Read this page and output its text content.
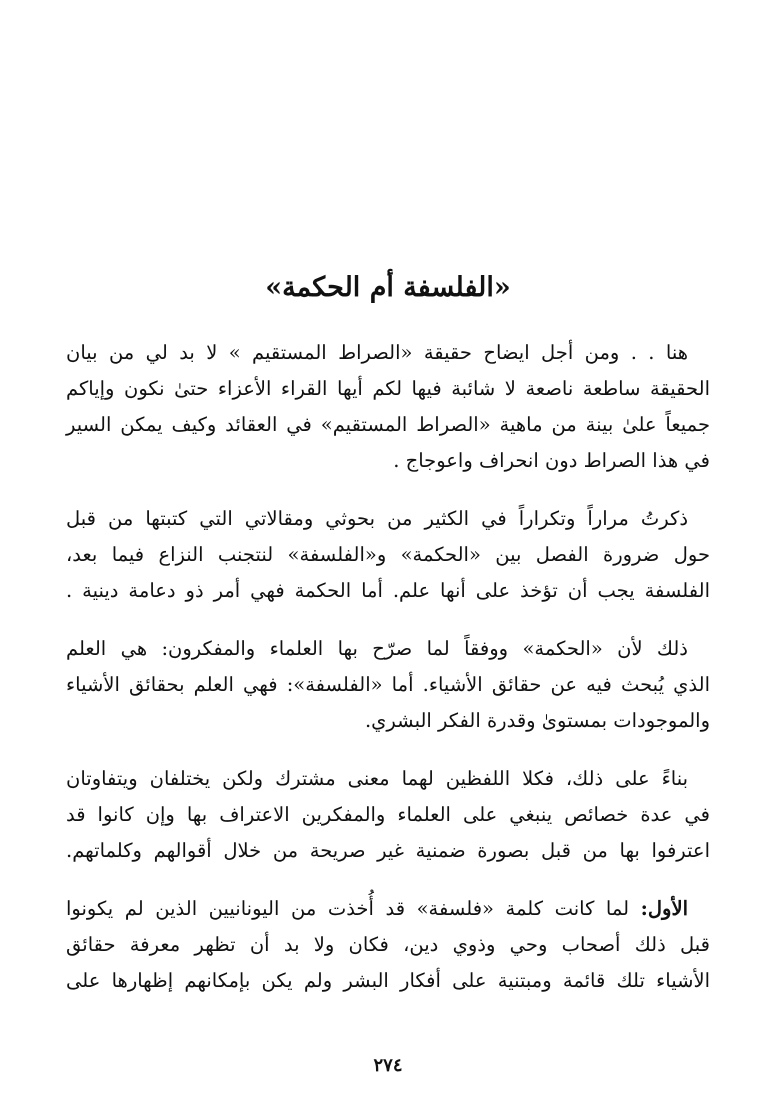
«الفلسفة أم الحكمة»

هنا . . ومن أجل ايضاح حقيقة «الصراط المستقيم » لا بد لي من بيان
الحقيقة ساطعة ناصعة لا شائبة فيها لكم أيها القراء الأعزاء حتىٰ نكون وإياكم
جميعاً علىٰ بينة من ماهية «الصراط المستقيم» في العقائد وكيف يمكن السير
في هذا الصراط دون انحراف واعوجاج .

ذكرتُ مراراً وتكراراً في الكثير من بحوثي ومقالاتي التي كتبتها من قبل
حول ضرورة الفصل بين «الحكمة» و«الفلسفة» لنتجنب النزاع فيما بعد،
الفلسفة يجب أن تؤخذ على أنها علم. أما الحكمة فهي أمر ذو دعامة دينية .

ذلك لأن «الحكمة» ووفقاً لما صرّح بها العلماء والمفكرون: هي العلم
الذي يُبحث فيه عن حقائق الأشياء. أما «الفلسفة»: فهي العلم بحقائق الأشياء
والموجودات بمستوىٰ وقدرة الفكر البشري.

بناءً على ذلك، فكلا اللفظين لهما معنى مشترك ولكن يختلفان ويتفاوتان
في عدة خصائص ينبغي على العلماء والمفكرين الاعتراف بها وإن كانوا قد
اعترفوا بها من قبل بصورة ضمنية غير صريحة من خلال أقوالهم وكلماتهم.

الأول: لما كانت كلمة «فلسفة» قد أُخذت من اليونانيين الذين لم يكونوا
قبل ذلك أصحاب وحي وذوي دين، فكان ولا بد أن تظهر معرفة حقائق
الأشياء تلك قائمة ومبتنية على أفكار البشر ولم يكن بإمكانهم إظهارها على

٢٧٤
